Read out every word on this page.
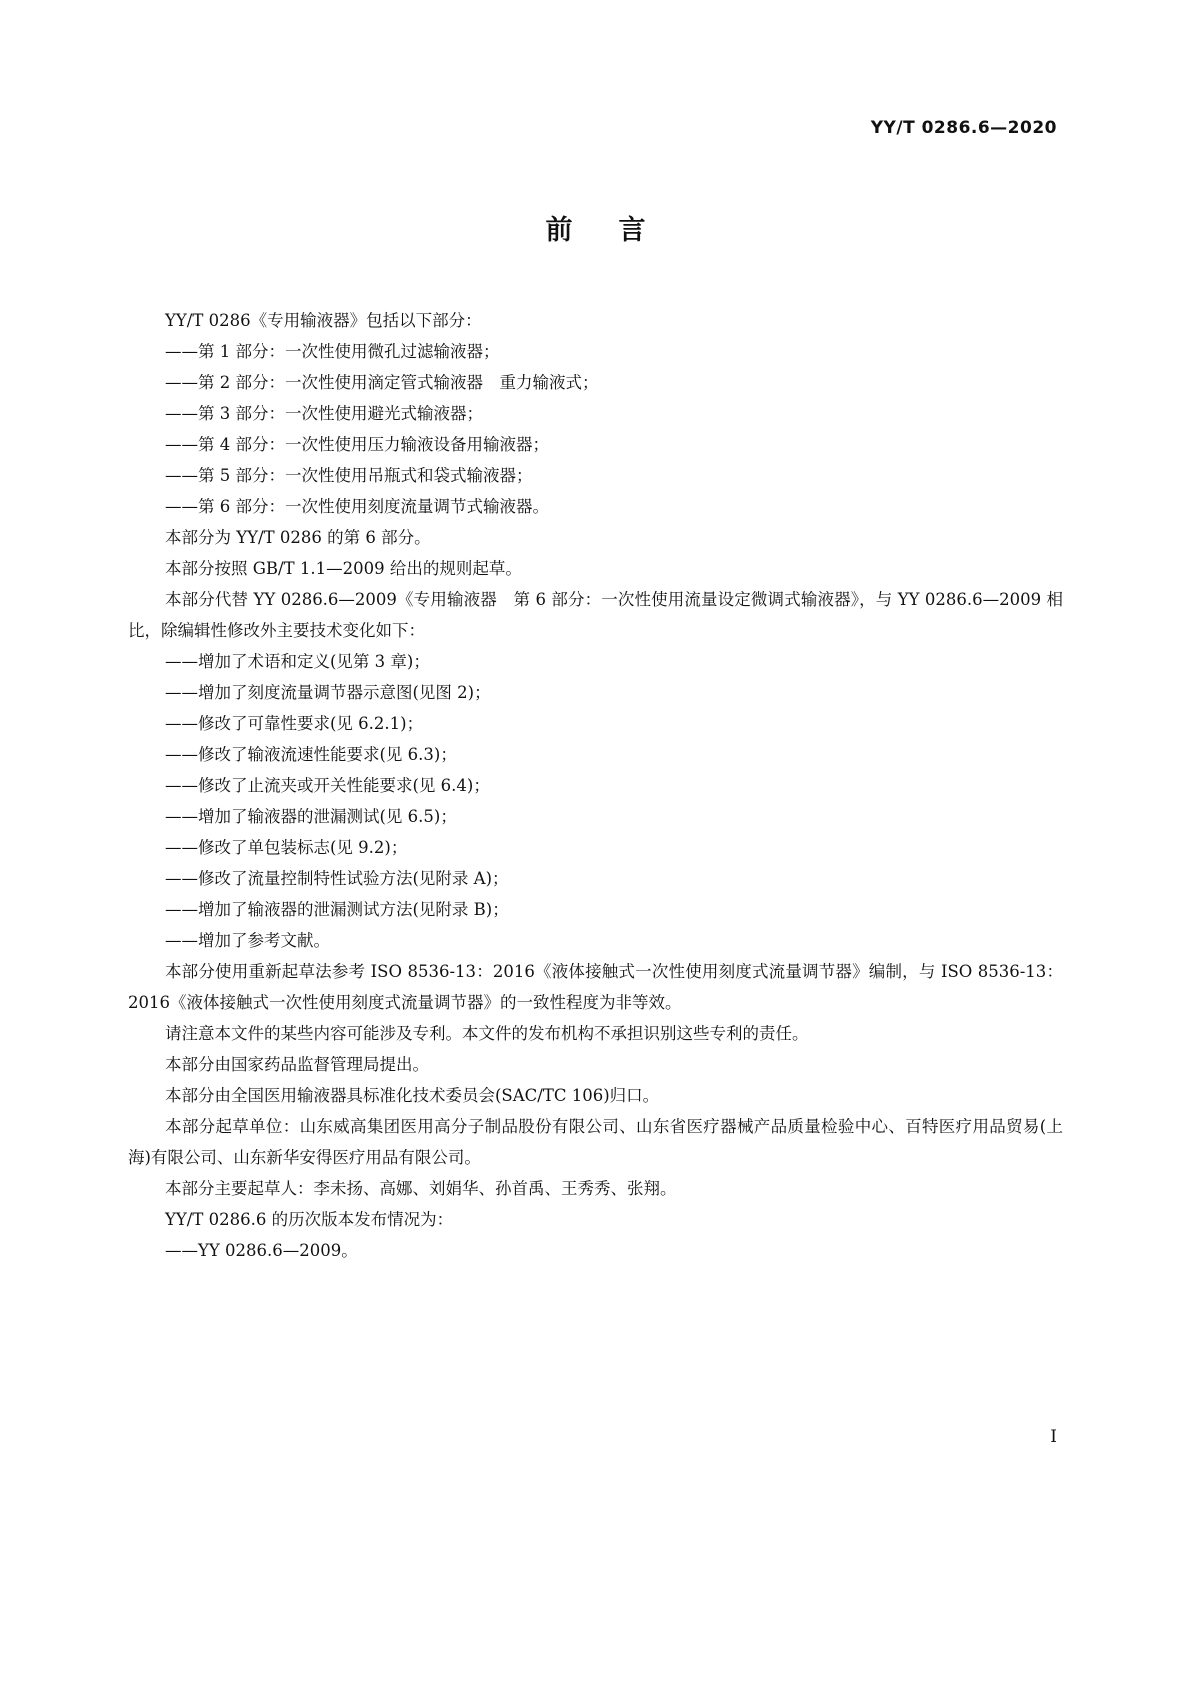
YY/T 0286.6—2020

前言

YY/T 0286《专用输液器》包括以下部分：

——第 1 部分：一次性使用微孔过滤输液器；

——第 2 部分：一次性使用滴定管式输液器　重力输液式；

——第 3 部分：一次性使用避光式输液器；

——第 4 部分：一次性使用压力输液设备用输液器；

——第 5 部分：一次性使用吊瓶式和袋式输液器；

——第 6 部分：一次性使用刻度流量调节式输液器。

本部分为 YY/T 0286 的第 6 部分。

本部分按照 GB/T 1.1—2009 给出的规则起草。

本部分代替 YY 0286.6—2009《专用输液器　第 6 部分：一次性使用流量设定微调式输液器》，与 YY 0286.6—2009 相比，除编辑性修改外主要技术变化如下：

——增加了术语和定义(见第 3 章)；

——增加了刻度流量调节器示意图(见图 2)；

——修改了可靠性要求(见 6.2.1)；

——修改了输液流速性能要求(见 6.3)；

——修改了止流夹或开关性能要求(见 6.4)；

——增加了输液器的泄漏测试(见 6.5)；

——修改了单包装标志(见 9.2)；

——修改了流量控制特性试验方法(见附录 A)；

——增加了输液器的泄漏测试方法(见附录 B)；

——增加了参考文献。

本部分使用重新起草法参考 ISO 8536-13：2016《液体接触式一次性使用刻度式流量调节器》编制，与 ISO 8536-13：2016《液体接触式一次性使用刻度式流量调节器》的一致性程度为非等效。

请注意本文件的某些内容可能涉及专利。本文件的发布机构不承担识别这些专利的责任。

本部分由国家药品监督管理局提出。

本部分由全国医用输液器具标准化技术委员会(SAC/TC 106)归口。

本部分起草单位：山东威高集团医用高分子制品股份有限公司、山东省医疗器械产品质量检验中心、百特医疗用品贸易(上海)有限公司、山东新华安得医疗用品有限公司。

本部分主要起草人：李未扬、高娜、刘娟华、孙首禹、王秀秀、张翔。

YY/T 0286.6 的历次版本发布情况为：

——YY 0286.6—2009。

I
